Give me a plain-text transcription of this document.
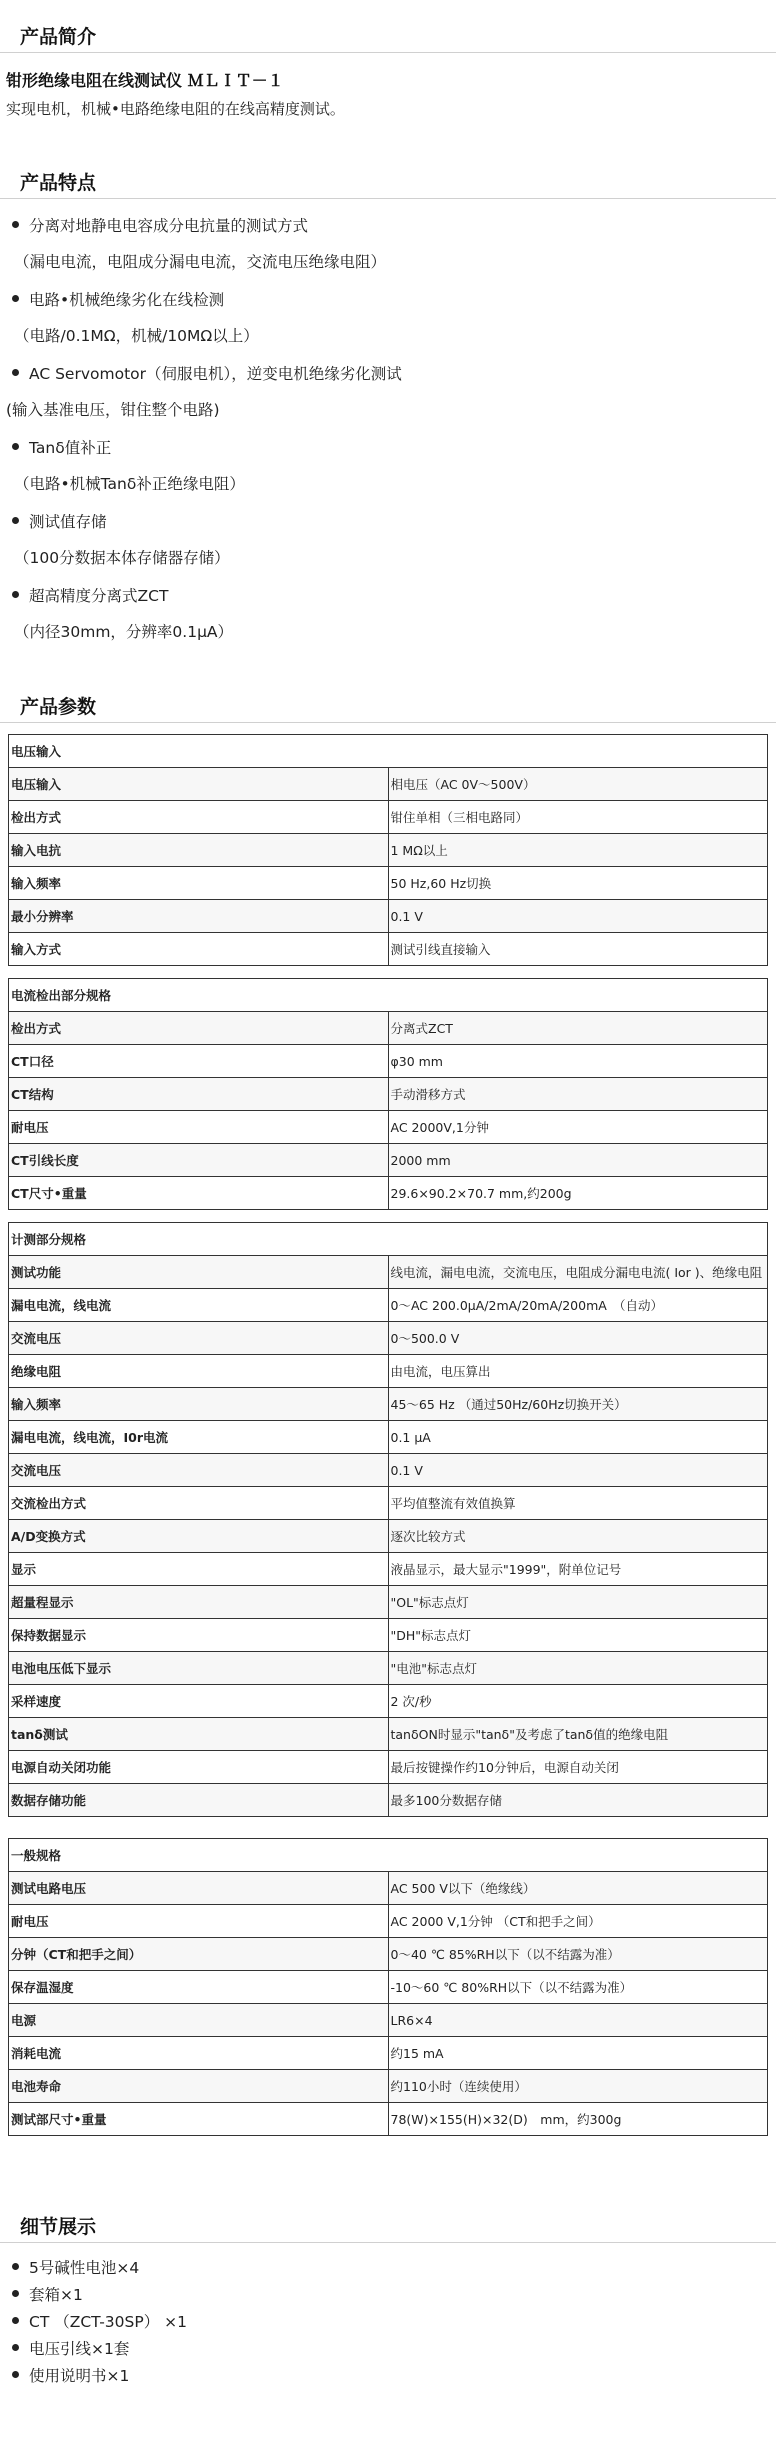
产品简介
钳形绝缘电阻在线测试仪 ＭＬＩＴ－１
实现电机，机械•电路绝缘电阻的在线高精度测试。
产品特点
分离对地静电电容成分电抗量的测试方式
（漏电电流，电阻成分漏电电流，交流电压绝缘电阻）
电路•机械绝缘劣化在线检测
（电路/0.1MΩ，机械/10MΩ以上）
AC Servomotor（伺服电机），逆变电机绝缘劣化测试
(输入基准电压，钳住整个电路)
Tanδ值补正
（电路•机械Tanδ补正绝缘电阻）
测试值存储
（100分数据本体存储器存储）
超高精度分离式ZCT
（内径30mm，分辨率0.1μA）
产品参数
电压输入	
电压输入	相电压（AC 0V～500V）
检出方式	钳住单相（三相电路同）
输入电抗	1 MΩ以上
输入频率	50 Hz,60 Hz切换
最小分辨率	0.1 V
输入方式	测试引线直接输入
电流检出部分规格	
检出方式	分离式ZCT
CT口径	φ30 mm
CT结构	手动滑移方式
耐电压	AC 2000V,1分钟
CT引线长度	2000 mm
CT尺寸•重量	29.6×90.2×70.7 mm,约200g
计测部分规格	
测试功能	线电流，漏电电流，交流电压，电阻成分漏电电流( Ior )、绝缘电阻
漏电电流，线电流	0～AC 200.0μA/2mA/20mA/200mA　（自动）
交流电压	0～500.0 V
绝缘电阻	由电流，电压算出
输入频率	45～65 Hz （通过50Hz/60Hz切换开关）
漏电电流，线电流，I0r电流	0.1 μA
交流电压	0.1 V
交流检出方式	平均值整流有效值换算
A/D变换方式	逐次比较方式
显示	液晶显示，最大显示"1999"，附单位记号
超量程显示	"OL"标志点灯
保持数据显示	"DH"标志点灯
电池电压低下显示	"电池"标志点灯
采样速度	2 次/秒
tanδ测试	tanδON时显示"tanδ"及考虑了tanδ值的绝缘电阻
电源自动关闭功能	最后按键操作约10分钟后，电源自动关闭
数据存储功能	最多100分数据存储
一般规格	
测试电路电压	AC 500 V以下（绝缘线）
耐电压	AC 2000 V,1分钟 （CT和把手之间）
分钟（CT和把手之间）	0～40 ℃ 85%RH以下（以不结露为准）
保存温湿度	-10～60 ℃ 80%RH以下（以不结露为准）
电源	LR6×4
消耗电流	约15 mA
电池寿命	约110小时（连续使用）
测试部尺寸•重量	78(W)×155(H)×32(D)　mm，约300g
细节展示
5号碱性电池×4
套箱×1
CT （ZCT-30SP） ×1
电压引线×1套
使用说明书×1
